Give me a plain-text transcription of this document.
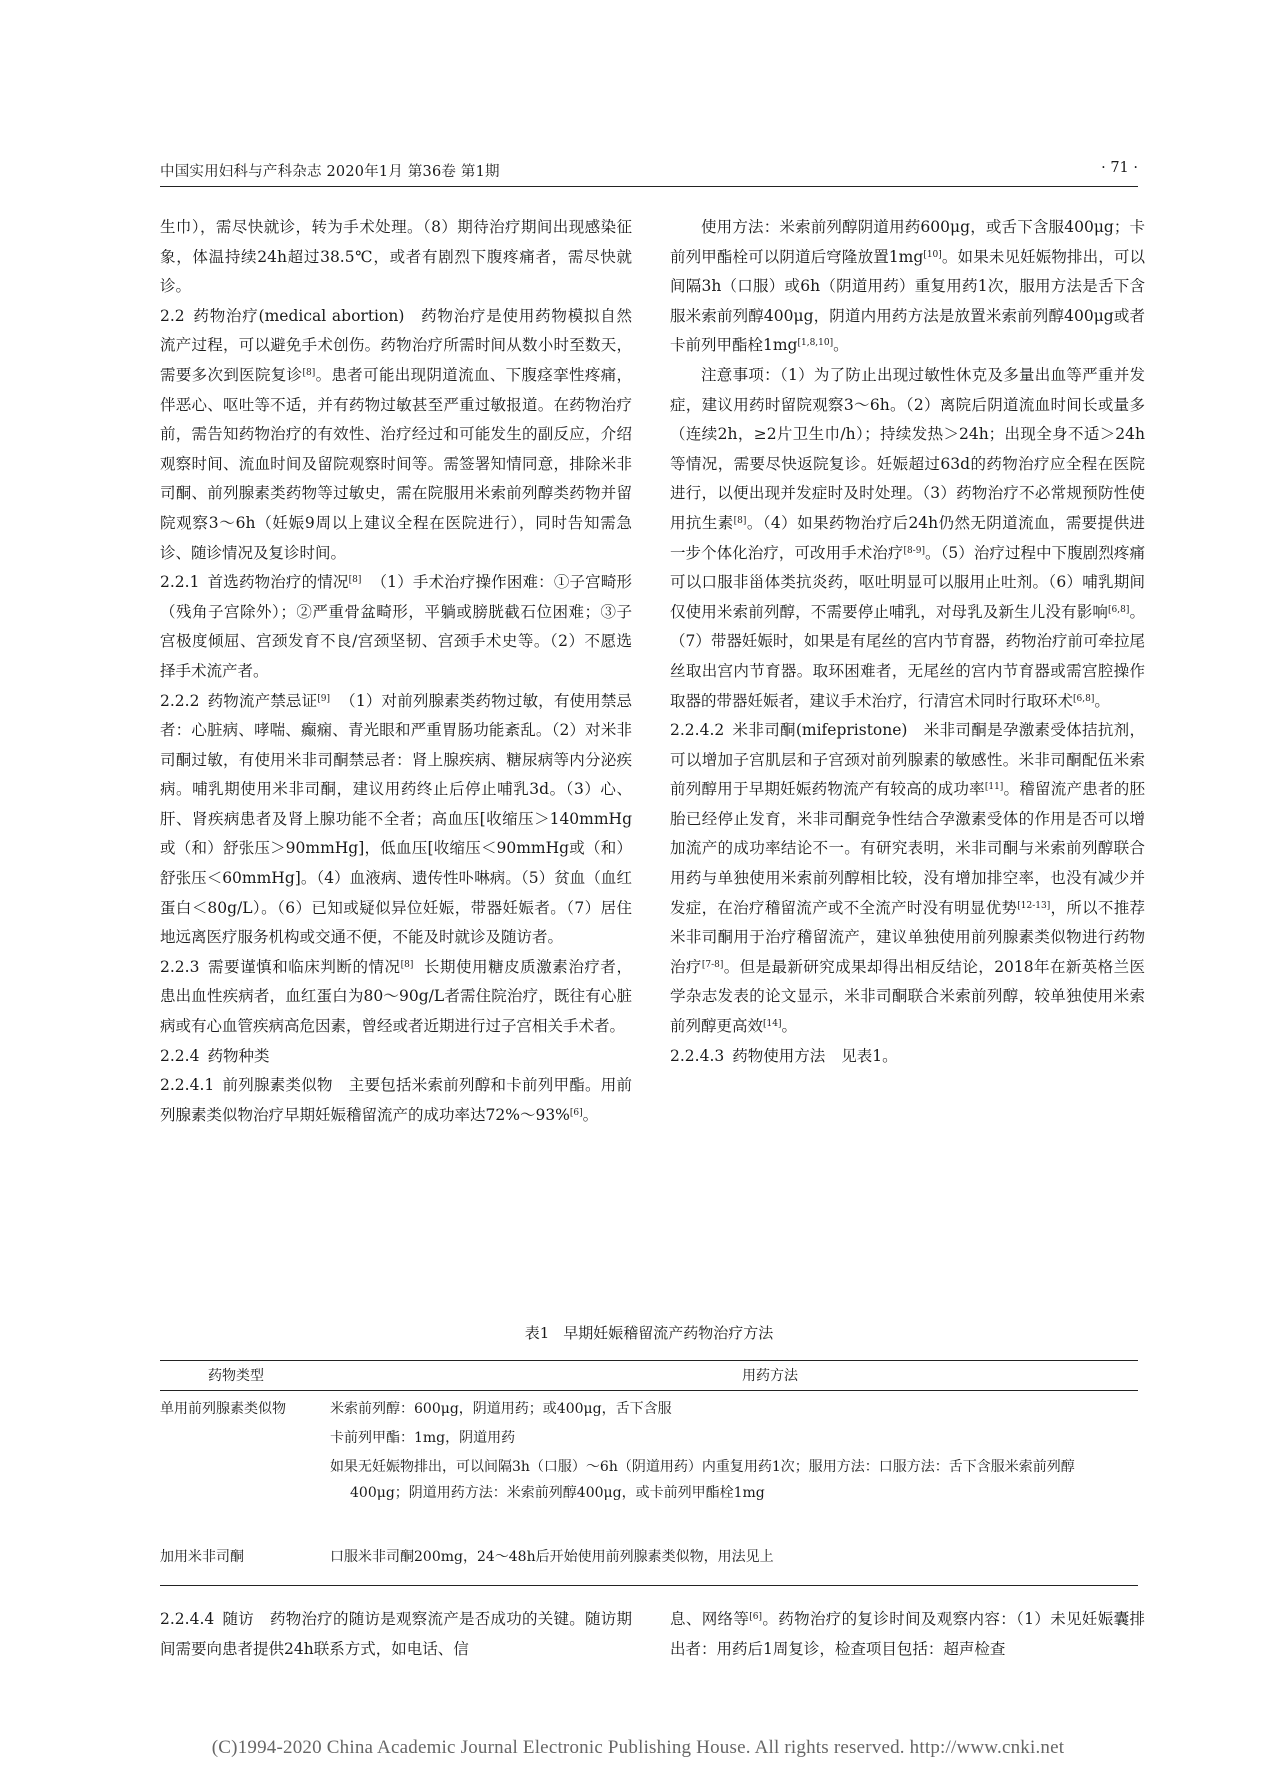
中国实用妇科与产科杂志 2020年1月 第36卷 第1期	· 71 ·

生巾），需尽快就诊，转为手术处理。（8）期待治疗期间出现感染征象，体温持续24h超过38.5℃，或者有剧烈下腹疼痛者，需尽快就诊。

2.2 药物治疗(medical abortion) 药物治疗是使用药物模拟自然流产过程，可以避免手术创伤。药物治疗所需时间从数小时至数天，需要多次到医院复诊[8]。患者可能出现阴道流血、下腹痉挛性疼痛，伴恶心、呕吐等不适，并有药物过敏甚至严重过敏报道。在药物治疗前，需告知药物治疗的有效性、治疗经过和可能发生的副反应，介绍观察时间、流血时间及留院观察时间等。需签署知情同意，排除米非司酮、前列腺素类药物等过敏史，需在院服用米索前列醇类药物并留院观察3～6h（妊娠9周以上建议全程在医院进行），同时告知需急诊、随诊情况及复诊时间。

2.2.1 首选药物治疗的情况[8] （1）手术治疗操作困难：①子宫畸形（残角子宫除外）；②严重骨盆畸形，平躺或膀胱截石位困难；③子宫极度倾屈、宫颈发育不良/宫颈坚韧、宫颈手术史等。（2）不愿选择手术流产者。

2.2.2 药物流产禁忌证[9] （1）对前列腺素类药物过敏，有使用禁忌者：心脏病、哮喘、癫痫、青光眼和严重胃肠功能紊乱。（2）对米非司酮过敏，有使用米非司酮禁忌者：肾上腺疾病、糖尿病等内分泌疾病。哺乳期使用米非司酮，建议用药终止后停止哺乳3d。（3）心、肝、肾疾病患者及肾上腺功能不全者；高血压[收缩压＞140mmHg或（和）舒张压＞90mmHg]，低血压[收缩压＜90mmHg或（和）舒张压＜60mmHg]。（4）血液病、遗传性卟啉病。（5）贫血（血红蛋白＜80g/L）。（6）已知或疑似异位妊娠，带器妊娠者。（7）居住地远离医疗服务机构或交通不便，不能及时就诊及随访者。

2.2.3 需要谨慎和临床判断的情况[8] 长期使用糖皮质激素治疗者，患出血性疾病者，血红蛋白为80～90g/L者需住院治疗，既往有心脏病或有心血管疾病高危因素，曾经或者近期进行过子宫相关手术者。

2.2.4 药物种类

2.2.4.1 前列腺素类似物 主要包括米索前列醇和卡前列甲酯。用前列腺素类似物治疗早期妊娠稽留流产的成功率达72%～93%[6]。

使用方法：米索前列醇阴道用药600μg，或舌下含服400μg；卡前列甲酯栓可以阴道后穹隆放置1mg[10]。如果未见妊娠物排出，可以间隔3h（口服）或6h（阴道用药）重复用药1次，服用方法是舌下含服米索前列醇400μg，阴道内用药方法是放置米索前列醇400μg或者卡前列甲酯栓1mg[1,8,10]。

注意事项：（1）为了防止出现过敏性休克及多量出血等严重并发症，建议用药时留院观察3～6h。（2）离院后阴道流血时间长或量多（连续2h，≥2片卫生巾/h）；持续发热＞24h；出现全身不适＞24h等情况，需要尽快返院复诊。妊娠超过63d的药物治疗应全程在医院进行，以便出现并发症时及时处理。（3）药物治疗不必常规预防性使用抗生素[8]。（4）如果药物治疗后24h仍然无阴道流血，需要提供进一步个体化治疗，可改用手术治疗[8-9]。（5）治疗过程中下腹剧烈疼痛可以口服非甾体类抗炎药，呕吐明显可以服用止吐剂。（6）哺乳期间仅使用米索前列醇，不需要停止哺乳，对母乳及新生儿没有影响[6,8]。（7）带器妊娠时，如果是有尾丝的宫内节育器，药物治疗前可牵拉尾丝取出宫内节育器。取环困难者，无尾丝的宫内节育器或需宫腔操作取器的带器妊娠者，建议手术治疗，行清宫术同时行取环术[6,8]。

2.2.4.2 米非司酮(mifepristone) 米非司酮是孕激素受体拮抗剂，可以增加子宫肌层和子宫颈对前列腺素的敏感性。米非司酮配伍米索前列醇用于早期妊娠药物流产有较高的成功率[11]。稽留流产患者的胚胎已经停止发育，米非司酮竞争性结合孕激素受体的作用是否可以增加流产的成功率结论不一。有研究表明，米非司酮与米索前列醇联合用药与单独使用米索前列醇相比较，没有增加排空率，也没有减少并发症，在治疗稽留流产或不全流产时没有明显优势[12-13]，所以不推荐米非司酮用于治疗稽留流产，建议单独使用前列腺素类似物进行药物治疗[7-8]。但是最新研究成果却得出相反结论，2018年在新英格兰医学杂志发表的论文显示，米非司酮联合米索前列醇，较单独使用米索前列醇更高效[14]。

2.2.4.3 药物使用方法 见表1。

表1 早期妊娠稽留流产药物治疗方法
药物类型	用药方法
单用前列腺素类似物	米索前列醇：600μg，阴道用药；或400μg，舌下含服
卡前列甲酯：1mg，阴道用药
如果无妊娠物排出，可以间隔3h（口服）～6h（阴道用药）内重复用药1次；服用方法：口服方法：舌下含服米索前列醇400μg；阴道用药方法：米索前列醇400μg，或卡前列甲酯栓1mg
加用米非司酮	口服米非司酮200mg，24～48h后开始使用前列腺素类似物，用法见上

2.2.4.4 随访 药物治疗的随访是观察流产是否成功的关键。随访期间需要向患者提供24h联系方式，如电话、信

息、网络等[6]。药物治疗的复诊时间及观察内容：（1）未见妊娠囊排出者：用药后1周复诊，检查项目包括：超声检查

(C)1994-2020 China Academic Journal Electronic Publishing House. All rights reserved. http://www.cnki.net
